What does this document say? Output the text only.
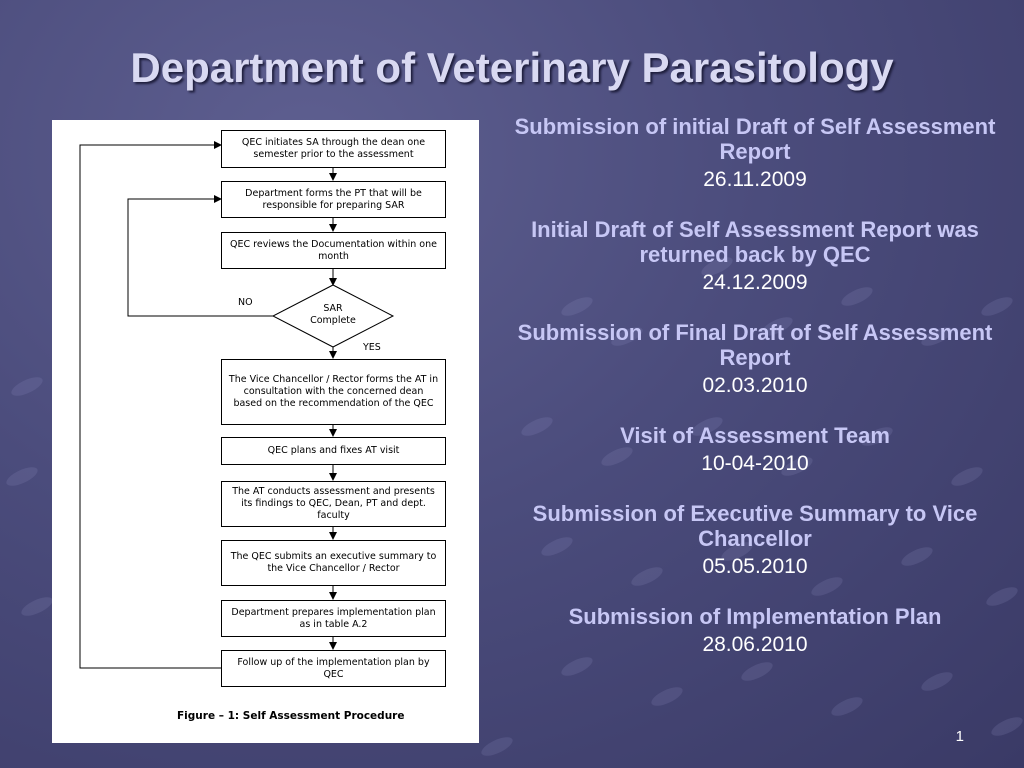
Department of Veterinary Parasitology
QEC initiates SA through the dean one semester prior to the assessment
Department forms the PT that will be responsible for preparing SAR
QEC reviews the Documentation within one month
SAR Complete
NO
YES
The Vice Chancellor / Rector forms the AT in consultation with the concerned dean based on the recommendation of the QEC
QEC plans and fixes AT visit
The AT conducts assessment and presents its findings to QEC, Dean, PT and dept. faculty
The QEC submits an executive summary to the Vice Chancellor / Rector
Department prepares implementation plan as in table A.2
Follow up of the implementation plan by QEC
Figure – 1: Self Assessment Procedure
Submission of initial Draft of Self Assessment Report
26.11.2009
Initial Draft of Self Assessment Report was returned back by QEC
24.12.2009
Submission of Final Draft of Self Assessment Report
02.03.2010
Visit of Assessment Team
10-04-2010
Submission of Executive Summary to Vice Chancellor
05.05.2010
Submission of Implementation Plan
28.06.2010
1
